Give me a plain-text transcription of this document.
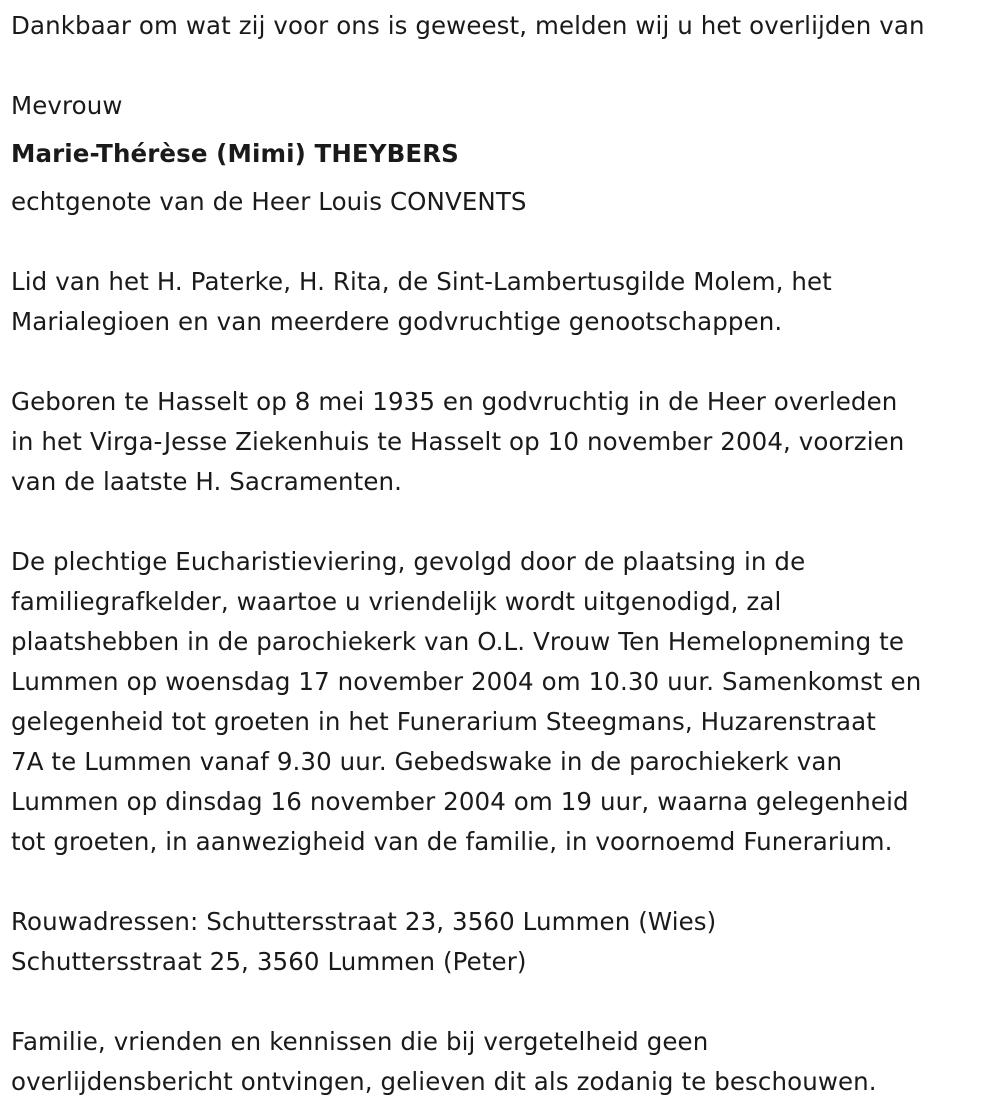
Dankbaar om wat zij voor ons is geweest, melden wij u het overlijden van
Mevrouw
Marie-Thérèse (Mimi) THEYBERS
echtgenote van de Heer Louis CONVENTS
Lid van het H. Paterke, H. Rita, de Sint-Lambertusgilde Molem, het
Marialegioen en van meerdere godvruchtige genootschappen.
Geboren te Hasselt op 8 mei 1935 en godvruchtig in de Heer overleden
in het Virga-Jesse Ziekenhuis te Hasselt op 10 november 2004, voorzien
van de laatste H. Sacramenten.
De plechtige Eucharistieviering, gevolgd door de plaatsing in de
familiegrafkelder, waartoe u vriendelijk wordt uitgenodigd, zal
plaatshebben in de parochiekerk van O.L. Vrouw Ten Hemelopneming te
Lummen op woensdag 17 november 2004 om 10.30 uur. Samenkomst en
gelegenheid tot groeten in het Funerarium Steegmans, Huzarenstraat
7A te Lummen vanaf 9.30 uur. Gebedswake in de parochiekerk van
Lummen op dinsdag 16 november 2004 om 19 uur, waarna gelegenheid
tot groeten, in aanwezigheid van de familie, in voornoemd Funerarium.
Rouwadressen: Schuttersstraat 23, 3560 Lummen (Wies)
Schuttersstraat 25, 3560 Lummen (Peter)
Familie, vrienden en kennissen die bij vergetelheid geen
overlijdensbericht ontvingen, gelieven dit als zodanig te beschouwen.
